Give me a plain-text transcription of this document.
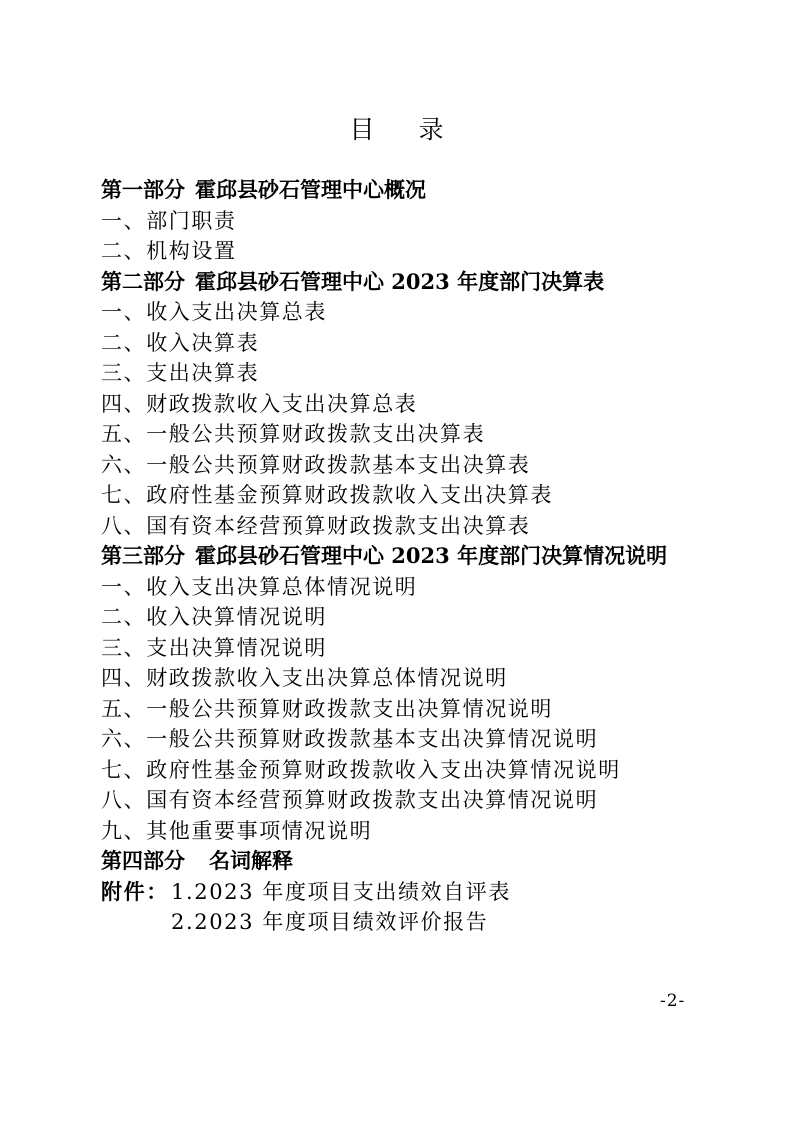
目 录
第一部分 霍邱县砂石管理中心概况
一、部门职责
二、机构设置
第二部分 霍邱县砂石管理中心 2023 年度部门决算表
一、收入支出决算总表
二、收入决算表
三、支出决算表
四、财政拨款收入支出决算总表
五、一般公共预算财政拨款支出决算表
六、一般公共预算财政拨款基本支出决算表
七、政府性基金预算财政拨款收入支出决算表
八、国有资本经营预算财政拨款支出决算表
第三部分 霍邱县砂石管理中心 2023 年度部门决算情况说明
一、收入支出决算总体情况说明
二、收入决算情况说明
三、支出决算情况说明
四、财政拨款收入支出决算总体情况说明
五、一般公共预算财政拨款支出决算情况说明
六、一般公共预算财政拨款基本支出决算情况说明
七、政府性基金预算财政拨款收入支出决算情况说明
八、国有资本经营预算财政拨款支出决算情况说明
九、其他重要事项情况说明
第四部分 名词解释
附件： 1.2023 年度项目支出绩效自评表
2.2023 年度项目绩效评价报告
-2-
